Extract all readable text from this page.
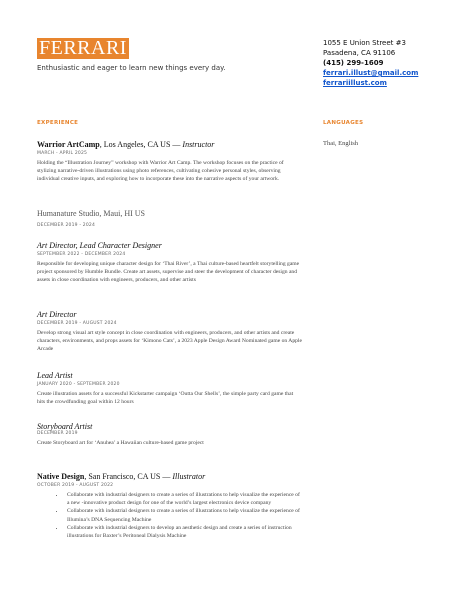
FERRARI
Enthusiastic and eager to learn new things every day.
1055 E Union Street #3
Pasadena, CA 91106
(415) 299-1609
ferrari.illust@gmail.com
ferrariillust.com
EXPERIENCE	LANGUAGES
Thai, English
Warrior ArtCamp, Los Angeles, CA US — Instructor
MARCH - APRIL 2025
Holding the “Illustration Journey” workshop with Warrior Art Camp. The workshop focuses on the practice of stylizing narrative-driven illustrations using photo references, cultivating cohesive personal styles, observing individual creative inputs, and exploring how to incorporate these into the narrative aspects of your artwork.
Humanature Studio, Maui, HI US
DECEMBER 2019 - 2024
Art Director, Lead Character Designer
SEPTEMBER 2022 - DECEMBER 2024
Responsible for developing unique character design for ‘Thai River’, a Thai culture-based heartfelt storytelling game project sponsored by Humble Bundle. Create art assets, supervise and steer the development of character design and assets in close coordination with engineers, producers, and other artists
Art Director
DECEMBER 2019 - AUGUST 2024
Develop strong visual art style concept in close coordination with engineers, producers, and other artists and create characters, environments, and props assets for ‘Kimono Cats’, a 2023 Apple Design Award Nominated game on Apple Arcade
Lead Artist
JANUARY 2020 - SEPTEMBER 2020
Create illustration assets for a successful Kickstarter campaign ‘Outta Our Shells’, the simple party card game that hits the crowdfunding goal within 12 hours
Storyboard Artist
DECEMBER 2019
Create Storyboard art for ‘Anuhea’ a Hawaiian culture-based game project
Native Design, San Francisco, CA US — Illustrator
OCTOBER 2019 - AUGUST 2022
• Collaborate with industrial designers to create a series of illustrations to help visualize the experience of a new -innovative product design for one of the world’s largest electronics device company
• Collaborate with industrial designers to create a series of illustrations to help visualize the experience of Illumina’s DNA Sequencing Machine
• Collaborate with industrial designers to develop an aesthetic design and create a series of instruction illustrations for Baxter’s Peritoneal Dialysis Machine
